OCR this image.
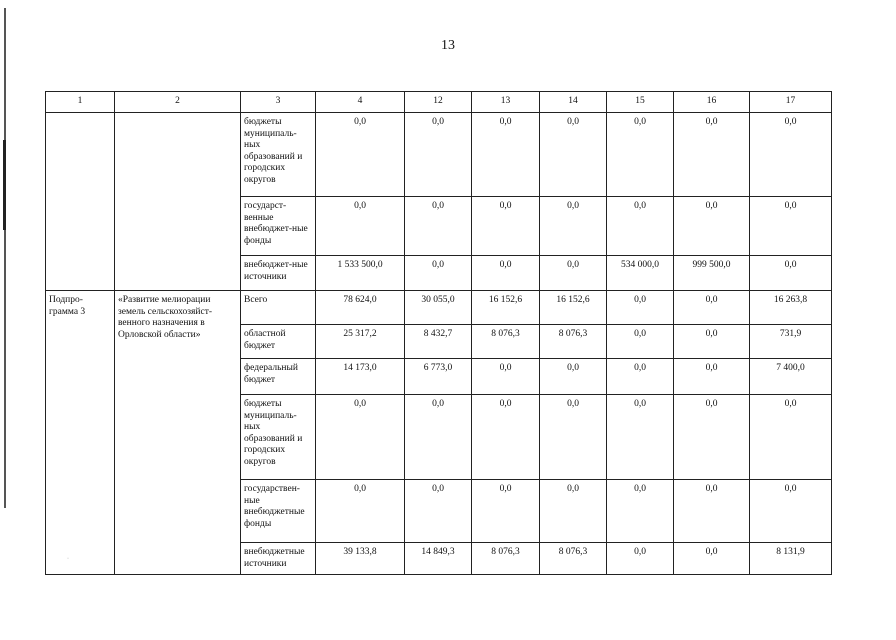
13
1	2	3	4	12	13	14	15	16	17
		бюджеты муниципаль-ных образований и городских округов	0,0	0,0	0,0	0,0	0,0	0,0	0,0
		государст-венные внебюджет-ные фонды	0,0	0,0	0,0	0,0	0,0	0,0	0,0
		внебюджет-ные источники	1 533 500,0	0,0	0,0	0,0	534 000,0	999 500,0	0,0
Подпро-грамма 3	«Развитие мелиорации земель сельскохозяйст-венного назначения в Орловской области»	Всего	78 624,0	30 055,0	16 152,6	16 152,6	0,0	0,0	16 263,8
		областной бюджет	25 317,2	8 432,7	8 076,3	8 076,3	0,0	0,0	731,9
		федеральный бюджет	14 173,0	6 773,0	0,0	0,0	0,0	0,0	7 400,0
		бюджеты муниципаль-ных образований и городских округов	0,0	0,0	0,0	0,0	0,0	0,0	0,0
		государствен-ные внебюджетные фонды	0,0	0,0	0,0	0,0	0,0	0,0	0,0
		внебюджетные источники	39 133,8	14 849,3	8 076,3	8 076,3	0,0	0,0	8 131,9
·
